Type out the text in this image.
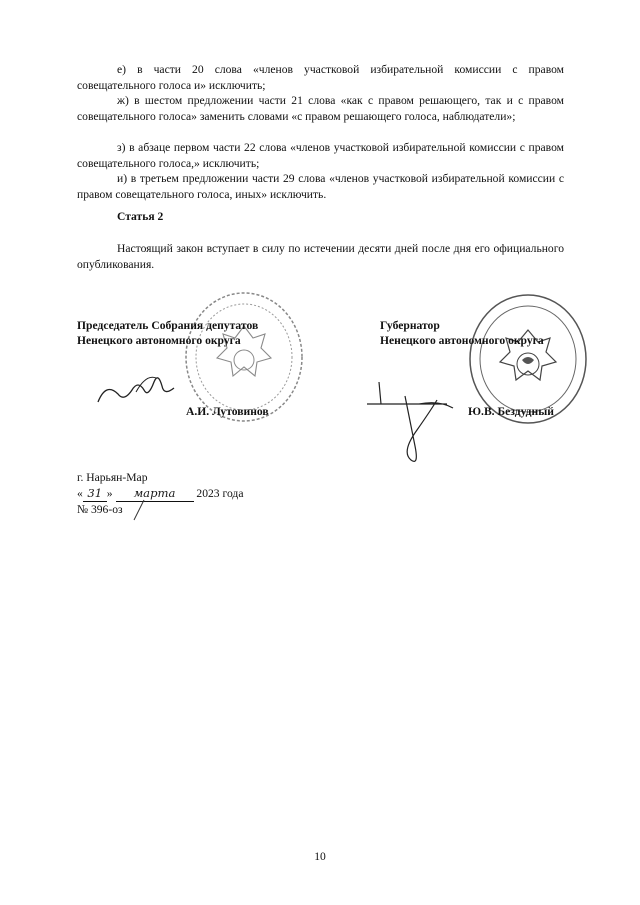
е) в части 20 слова «членов участковой избирательной комиссии с правом совещательного голоса и» исключить;

ж) в шестом предложении части 21 слова «как с правом решающего, так и с правом совещательного голоса» заменить словами «с правом решающего голоса, наблюдатели»;

з) в абзаце первом части 22 слова «членов участковой избирательной комиссии с правом совещательного голоса,» исключить;

и) в третьем предложении части 29 слова «членов участковой избирательной комиссии с правом совещательного голоса, иных» исключить.

Статья 2

Настоящий закон вступает в силу по истечении десяти дней после дня его официального опубликования.

Председатель Собрания депутатов
Ненецкого автономного округа
Губернатор
Ненецкого автономного округа
А.И. Лутовинов	Ю.В. Бездудный
г. Нарьян-Мар
« 31 » марта 2023 года
№ 396-оз
10
